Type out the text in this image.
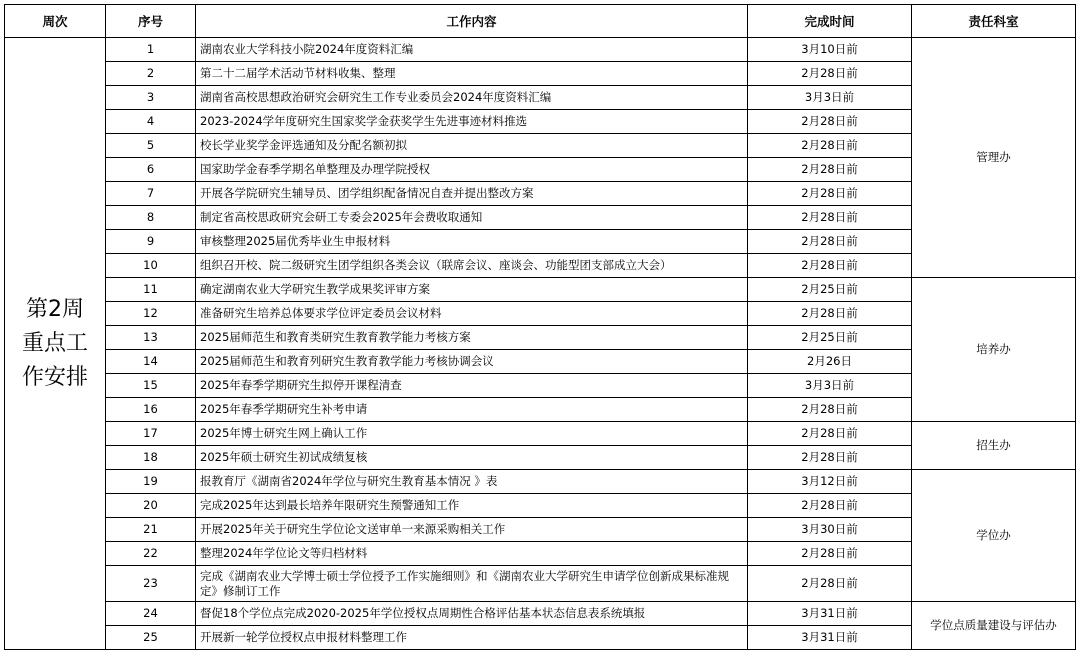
周次	序号	工作内容	完成时间	责任科室

第2周
重点工
作安排	1	湖南农业大学科技小院2024年度资料汇编	3月10日前	管理办
	2	第二十二届学术活动节材料收集、整理	2月28日前	
	3	湖南省高校思想政治研究会研究生工作专业委员会2024年度资料汇编	3月3日前	
	4	2023-2024学年度研究生国家奖学金获奖学生先进事迹材料推选	2月28日前	
	5	校长学业奖学金评选通知及分配名额初拟	2月28日前	
	6	国家助学金春季学期名单整理及办理学院授权	2月28日前	
	7	开展各学院研究生辅导员、团学组织配备情况自查并提出整改方案	2月28日前	
	8	制定省高校思政研究会研工专委会2025年会费收取通知	2月28日前	
	9	审核整理2025届优秀毕业生申报材料	2月28日前	
	10	组织召开校、院二级研究生团学组织各类会议（联席会议、座谈会、功能型团支部成立大会）	2月28日前	
	11	确定湖南农业大学研究生教学成果奖评审方案	2月25日前	培养办
	12	准备研究生培养总体要求学位评定委员会议材料	2月28日前	
	13	2025届师范生和教育类研究生教育教学能力考核方案	2月25日前	
	14	2025届师范生和教育列研究生教育教学能力考核协调会议	2月26日	
	15	2025年春季学期研究生拟停开课程清查	3月3日前	
	16	2025年春季学期研究生补考申请	2月28日前	
	17	2025年博士研究生网上确认工作	2月28日前	招生办
	18	2025年硕士研究生初试成绩复核	2月28日前	
	19	报教育厅《湖南省2024年学位与研究生教育基本情况 》表	3月12日前	学位办
	20	完成2025年达到最长培养年限研究生预警通知工作	2月28日前	
	21	开展2025年关于研究生学位论文送审单一来源采购相关工作	3月30日前	
	22	整理2024年学位论文等归档材料	2月28日前	
	23	完成《湖南农业大学博士硕士学位授予工作实施细则》和《湖南农业大学研究生申请学位创新成果标准规定》修制订工作	2月28日前	
	24	督促18个学位点完成2020-2025年学位授权点周期性合格评估基本状态信息表系统填报	3月31日前	学位点质量建设与评估办
	25	开展新一轮学位授权点申报材料整理工作	3月31日前	
